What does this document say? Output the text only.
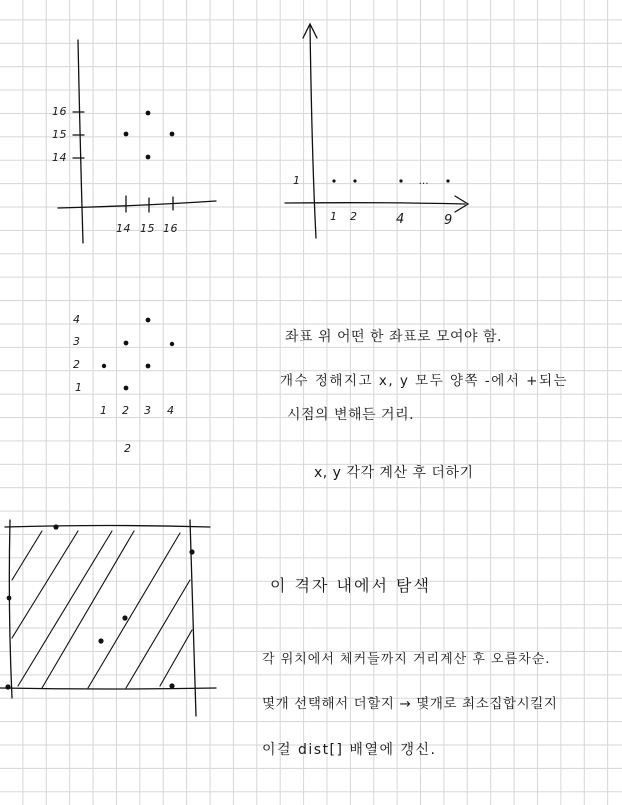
16
15
14
14 15 16
1
1 2	4	9
…
4
3
2
1
1 2 3 4
2
좌표 위 어떤 한 좌표로 모여야 함.
개수 정해지고 x, y 모두 양쪽 -에서 +되는
시점의 변해든 거리.
x, y 각각 계산 후 더하기
이 격자 내에서 탐색
각 위치에서 체커들까지 거리계산 후 오름차순.
몇개 선택해서 더할지 → 몇개로 최소집합시킬지
이걸 dist[] 배열에 갱신.
